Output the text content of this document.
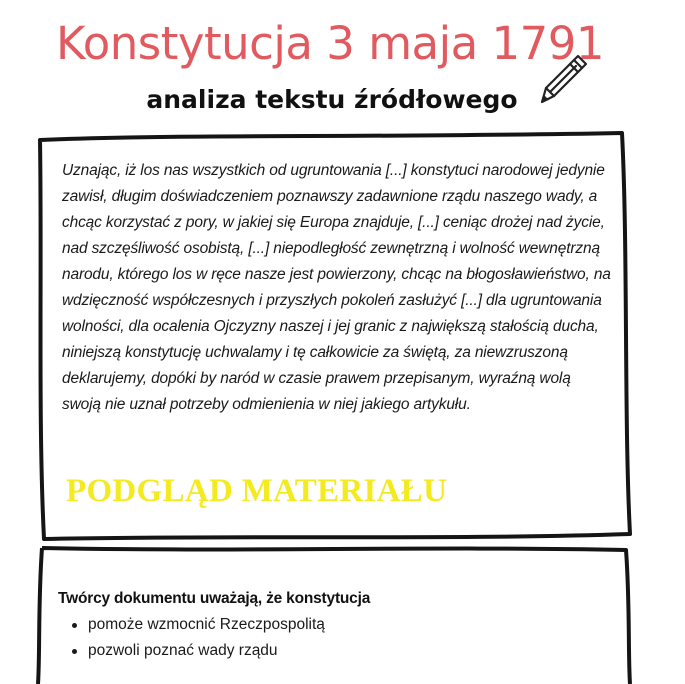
Konstytucja 3 maja 1791
analiza tekstu źródłowego

Uznając, iż los nas wszystkich od ugruntowania [...] konstytuci narodowej jedynie zawisł, długim doświadczeniem poznawszy zadawnione rządu naszego wady, a chcąc korzystać z pory, w jakiej się Europa znajduje, [...] ceniąc drożej nad życie, nad szczęśliwość osobistą, [...] niepodległość zewnętrzną i wolność wewnętrzną narodu, którego los w ręce nasze jest powierzony, chcąc na błogosławieństwo, na wdzięczność współczesnych i przyszłych pokoleń zasłużyć [...] dla ugruntowania wolności, dla ocalenia Ojczyzny naszej i jej granic z największą stałością ducha, niniejszą konstytucję uchwalamy i tę całkowicie za świętą, za niewzruszoną deklarujemy, dopóki by naród w czasie prawem przepisanym, wyraźną wolą swoją nie uznał potrzeby odmienienia w niej jakiego artykułu.

PODGLĄD MATERIAŁU

Twórcy dokumentu uważają, że konstytucja

pomoże wzmocnić Rzeczpospolitą
pozwoli poznać wady rządu
